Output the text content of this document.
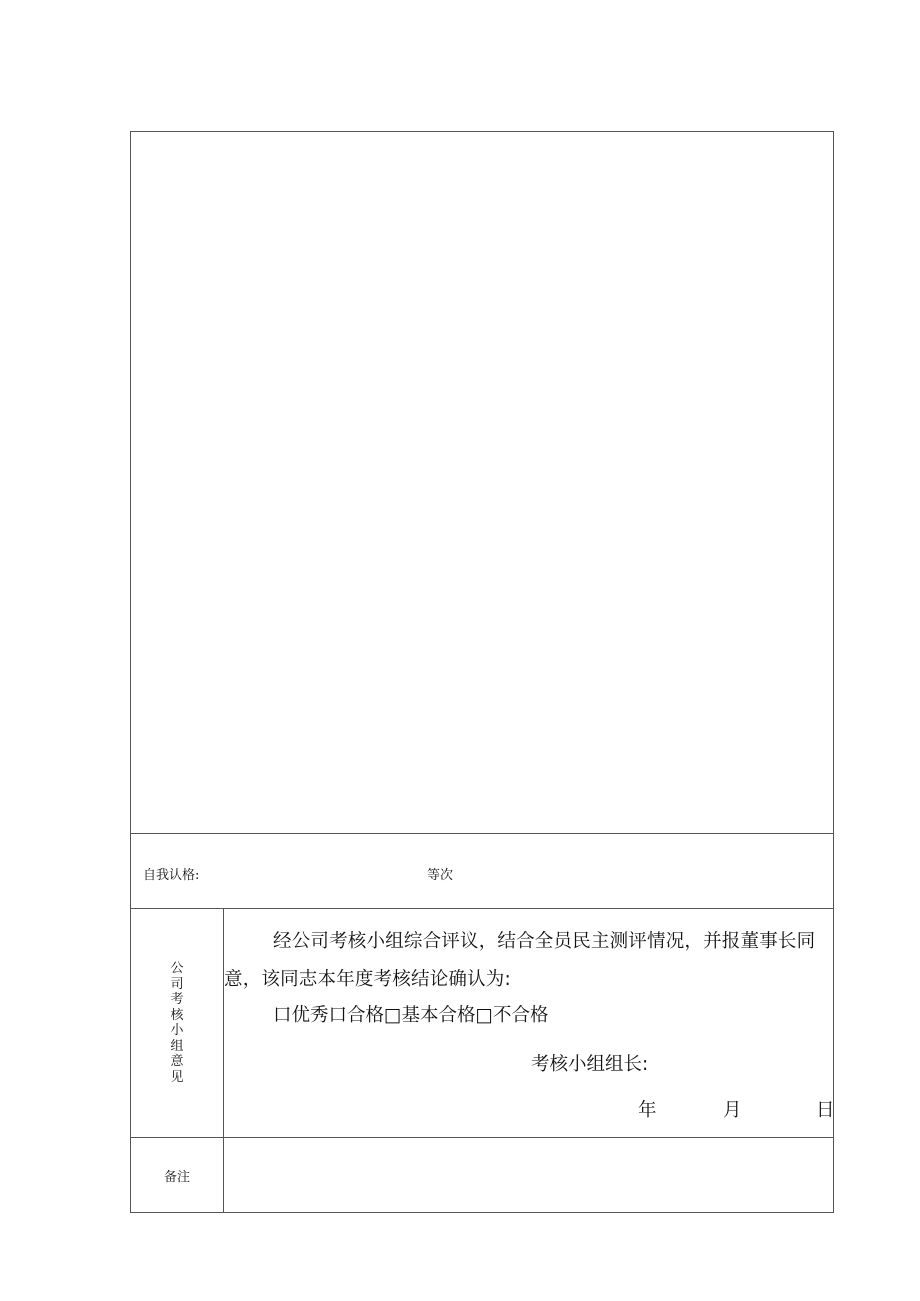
自我认格:	等次
公司考核小组意见
经公司考核小组综合评议，结合全员民主测评情况，并报董事长同意，该同志本年度考核结论确认为:
口优秀口合格□基本合格□不合格
考核小组组长:
年	月	日
备注
